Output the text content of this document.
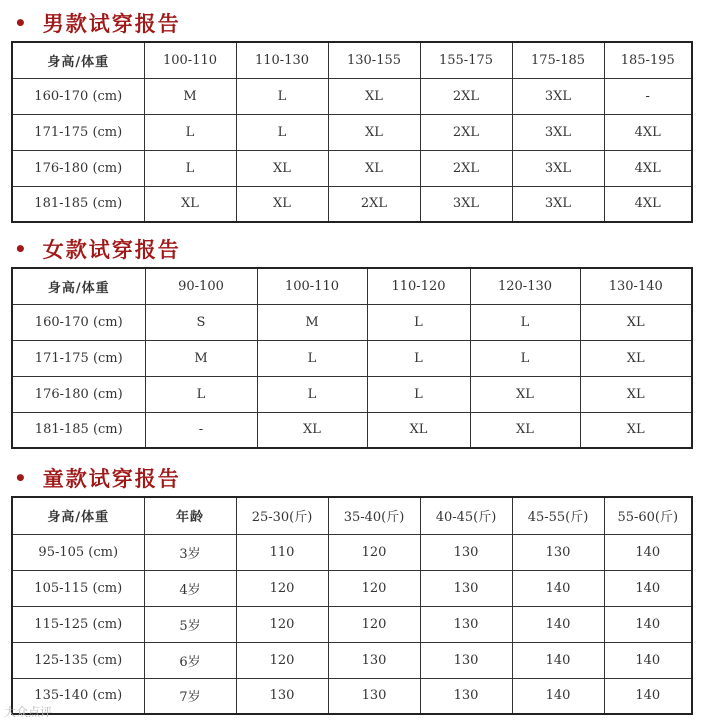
• 男款试穿报告
身高/体重	100-110	110-130	130-155	155-175	175-185	185-195
160-170 (cm)	M	L	XL	2XL	3XL	-
171-175 (cm)	L	L	XL	2XL	3XL	4XL
176-180 (cm)	L	XL	XL	2XL	3XL	4XL
181-185 (cm)	XL	XL	2XL	3XL	3XL	4XL
• 女款试穿报告
身高/体重	90-100	100-110	110-120	120-130	130-140
160-170 (cm)	S	M	L	L	XL
171-175 (cm)	M	L	L	L	XL
176-180 (cm)	L	L	L	XL	XL
181-185 (cm)	-	XL	XL	XL	XL
• 童款试穿报告
身高/体重	年龄	25-30(斤)	35-40(斤)	40-45(斤)	45-55(斤)	55-60(斤)
95-105 (cm)	3岁	110	120	130	130	140
105-115 (cm)	4岁	120	120	130	140	140
115-125 (cm)	5岁	120	120	130	140	140
125-135 (cm)	6岁	120	130	130	140	140
135-140 (cm)	7岁	130	130	130	140	140
大众点评
